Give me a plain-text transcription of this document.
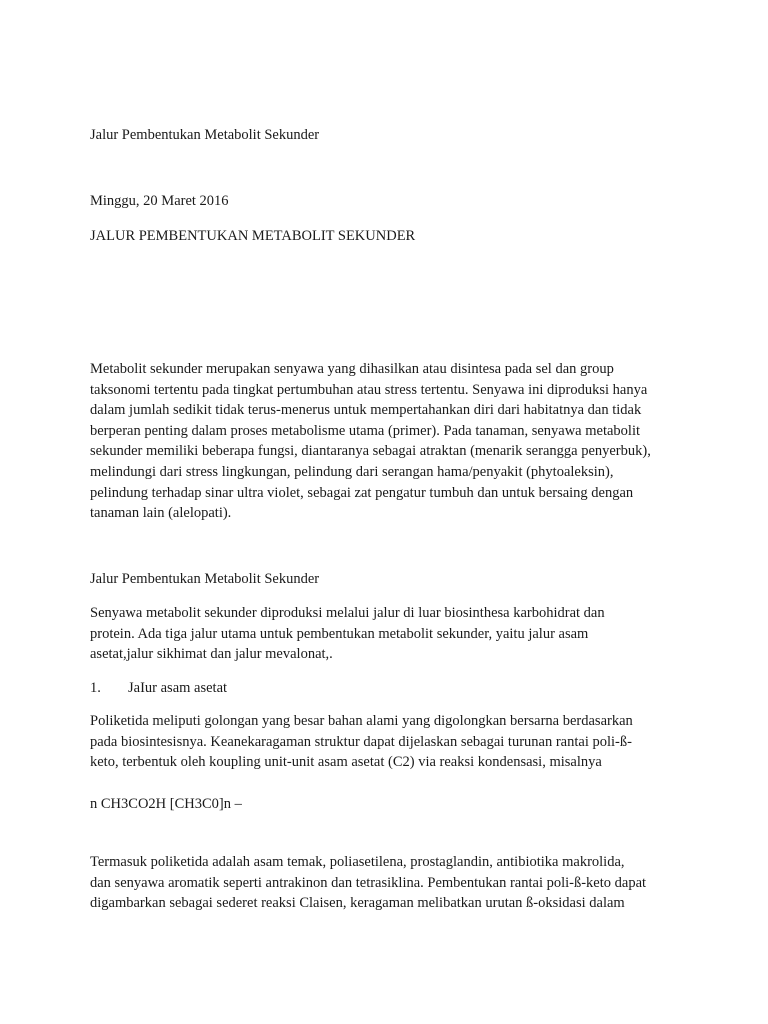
Jalur Pembentukan Metabolit Sekunder

Minggu, 20 Maret 2016

JALUR PEMBENTUKAN METABOLIT SEKUNDER

Metabolit sekunder merupakan senyawa yang dihasilkan atau disintesa pada sel dan group
taksonomi tertentu pada tingkat pertumbuhan atau stress tertentu. Senyawa ini diproduksi hanya
dalam jumlah sedikit tidak terus-menerus untuk mempertahankan diri dari habitatnya dan tidak
berperan penting dalam proses metabolisme utama (primer). Pada tanaman, senyawa metabolit
sekunder memiliki beberapa fungsi, diantaranya sebagai atraktan (menarik serangga penyerbuk),
melindungi dari stress lingkungan, pelindung dari serangan hama/penyakit (phytoaleksin),
pelindung terhadap sinar ultra violet, sebagai zat pengatur tumbuh dan untuk bersaing dengan
tanaman lain (alelopati).

Jalur Pembentukan Metabolit Sekunder

Senyawa metabolit sekunder diproduksi melalui jalur di luar biosinthesa karbohidrat dan
protein. Ada tiga jalur utama untuk pembentukan metabolit sekunder, yaitu jalur asam
asetat,jalur sikhimat dan jalur mevalonat,.

1. JaIur asam asetat

Poliketida meliputi golongan yang besar bahan alami yang digolongkan bersarna berdasarkan
pada biosintesisnya. Keanekaragaman struktur dapat dijelaskan sebagai turunan rantai poli-ß-
keto, terbentuk oleh koupling unit-unit asam asetat (C2) via reaksi kondensasi, misalnya

n CH3CO2H [CH3C0]n –

Termasuk poliketida adalah asam temak, poliasetilena, prostaglandin, antibiotika makrolida,
dan senyawa aromatik seperti antrakinon dan tetrasiklina. Pembentukan rantai poli-ß-keto dapat
digambarkan sebagai sederet reaksi Claisen, keragaman melibatkan urutan ß-oksidasi dalam
